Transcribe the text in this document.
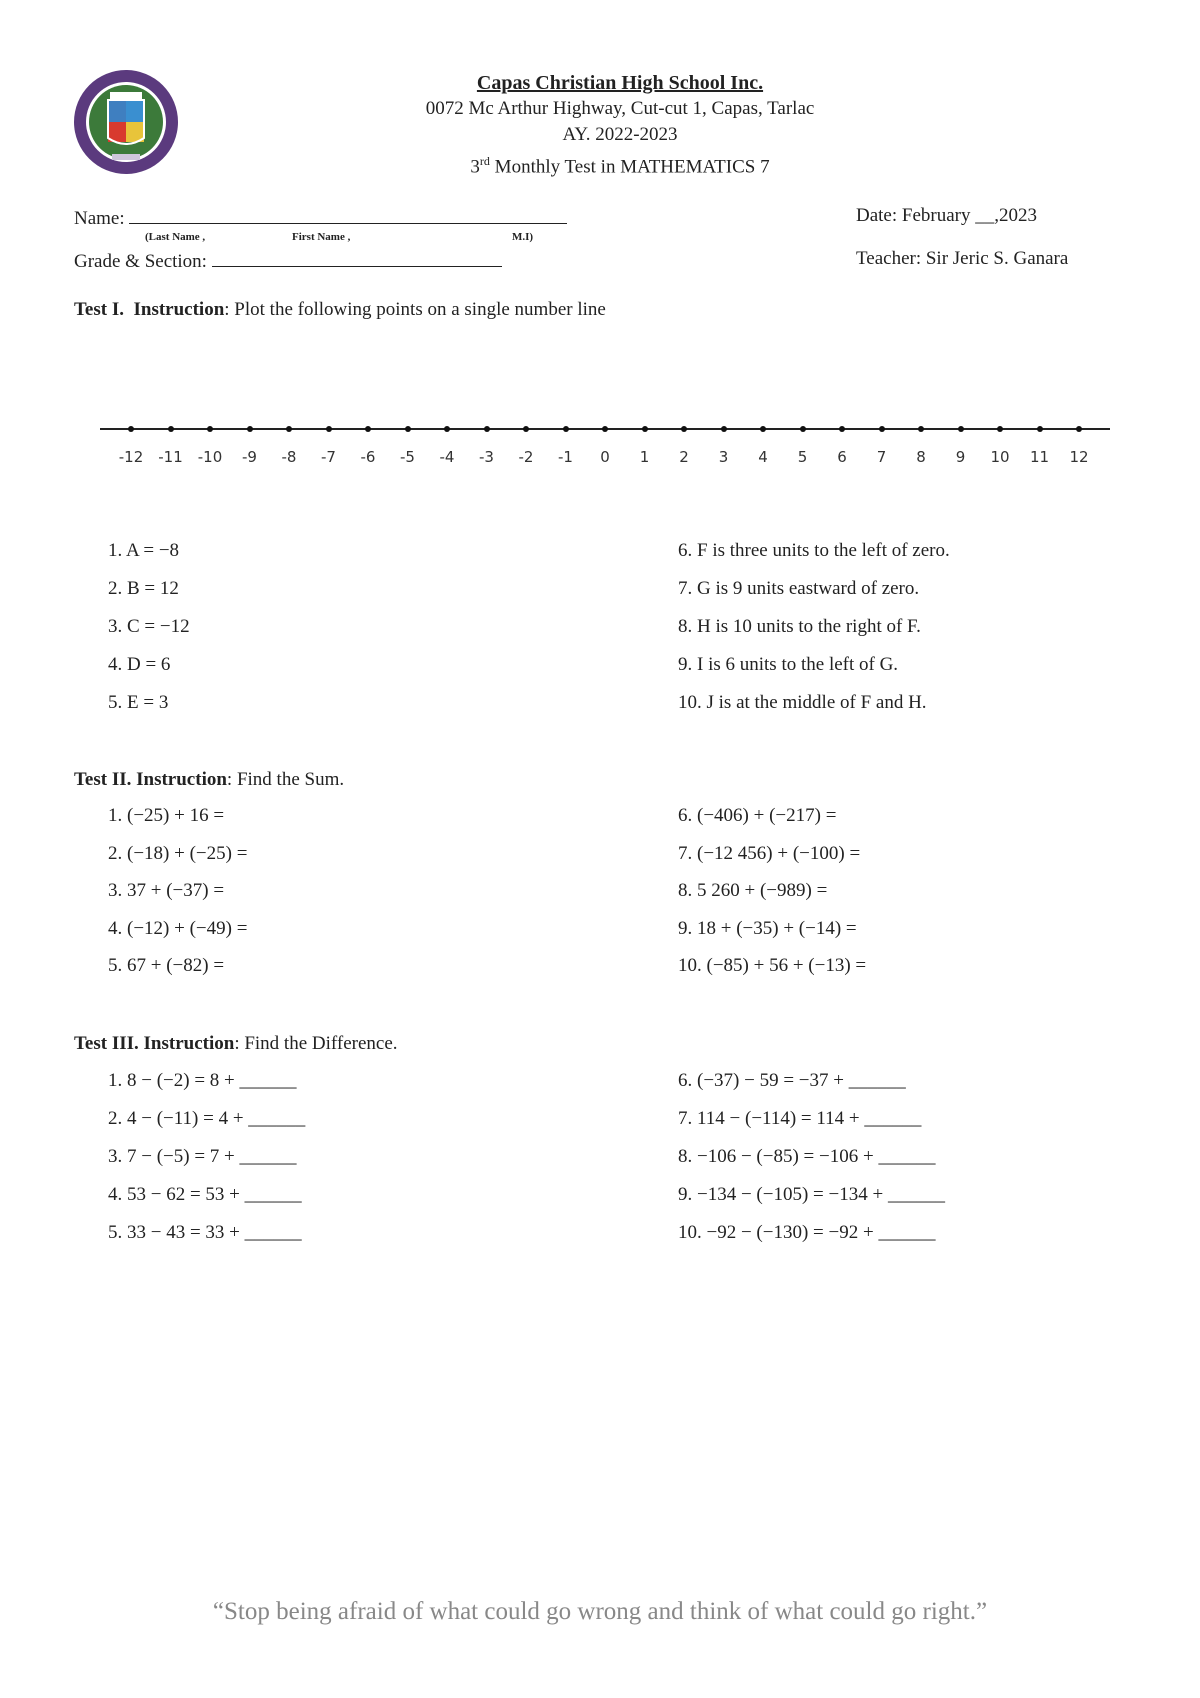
Capas Christian High School Inc.
0072 Mc Arthur Highway, Cut-cut 1, Capas, Tarlac
AY. 2022-2023
3rd Monthly Test in MATHEMATICS 7
Name:
(Last Name ,	First Name ,	M.I)
Grade & Section:
Date: February __,2023
Teacher: Sir Jeric S. Ganara
Test I. Instruction: Plot the following points on a single number line
-12	-11	-10	-9	-8	-7	-6	-5	-4	-3	-2	-1	0	1	2	3	4	5	6	7	8	9	10	11	12
1. A = −8
2. B = 12
3. C = −12
4. D = 6
5. E = 3
6. F is three units to the left of zero.
7. G is 9 units eastward of zero.
8. H is 10 units to the right of F.
9. I is 6 units to the left of G.
10. J is at the middle of F and H.
Test II. Instruction: Find the Sum.
1. (−25) + 16 =
2. (−18) + (−25) =
3. 37 + (−37) =
4. (−12) + (−49) =
5. 67 + (−82) =
6. (−406) + (−217) =
7. (−12 456) + (−100) =
8. 5 260 + (−989) =
9. 18 + (−35) + (−14) =
10. (−85) + 56 + (−13) =
Test III. Instruction: Find the Difference.
1. 8 − (−2) = 8 + ______
2. 4 − (−11) = 4 + ______
3. 7 − (−5) = 7 + ______
4. 53 − 62 = 53 + ______
5. 33 − 43 = 33 + ______
6. (−37) − 59 = −37 + ______
7. 114 − (−114) = 114 + ______
8. −106 − (−85) = −106 + ______
9. −134 − (−105) = −134 + ______
10. −92 − (−130) = −92 + ______
“Stop being afraid of what could go wrong and think of what could go right.”
